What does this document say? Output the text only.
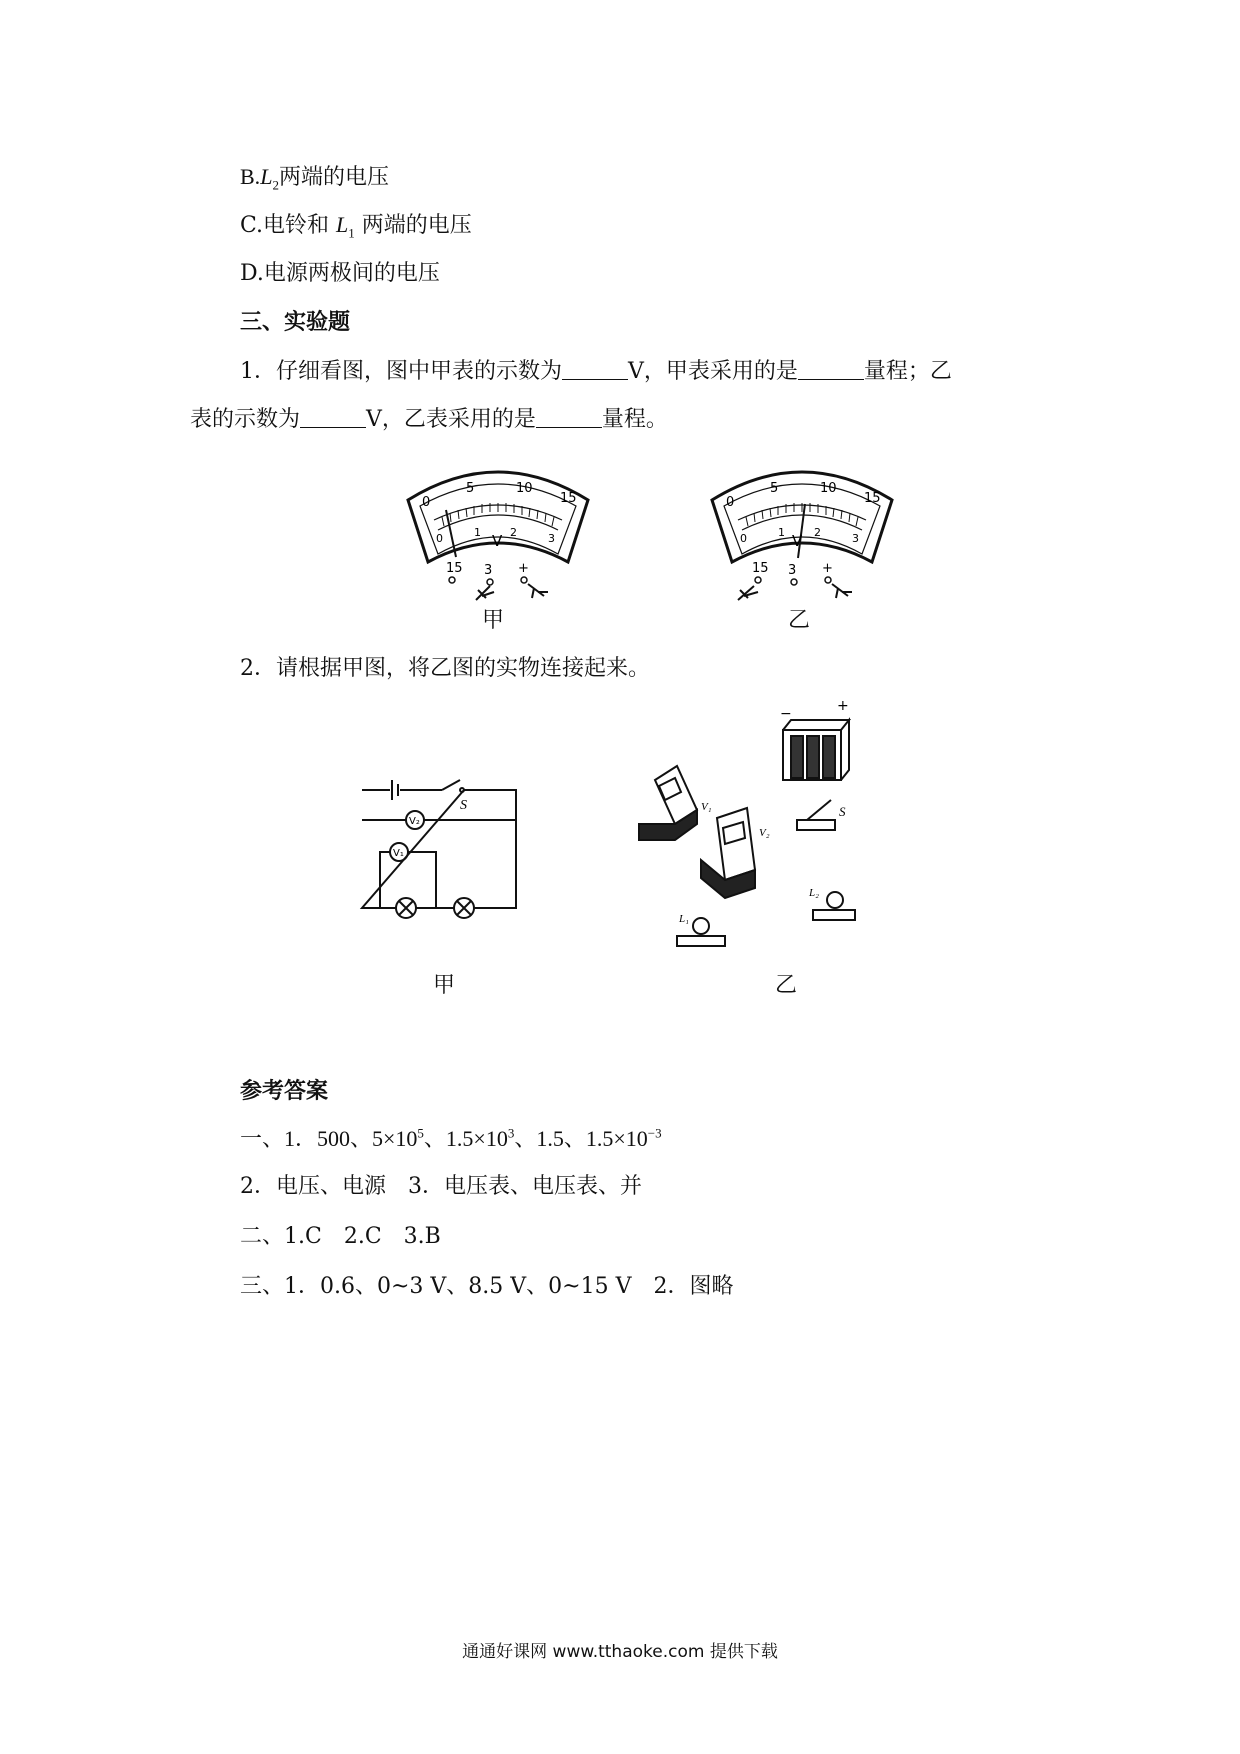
$B.L_2$两端的电压
C.电铃和 $L_1$ 两端的电压
D.电源两极间的电压
三、实验题
1．仔细看图，图中甲表的示数为	V，甲表采用的是	量程；乙
表的示数为	V，乙表采用的是	量程。
0
5	10
15
0	1	2	3
V
15 3 +
甲
0
5	10
15
0	1	2	3
V
15 3 +
乙
2．请根据甲图，将乙图的实物连接起来。
S
V₂
V₁
甲
−	+
V₁
V₂
S
L₁
L₂
乙
参考答案
一、1．500、$5\times 10^5$、$1.5\times 10^3$、1.5、$1.5\times 10^{-3}$
2．电压、电源　3．电压表、电压表、并
二、1.C　2.C　3.B
三、1．0.6、0~3 V、8.5 V、0~15 V　2．图略
通通好课网 www.tthaoke.com 提供下载
